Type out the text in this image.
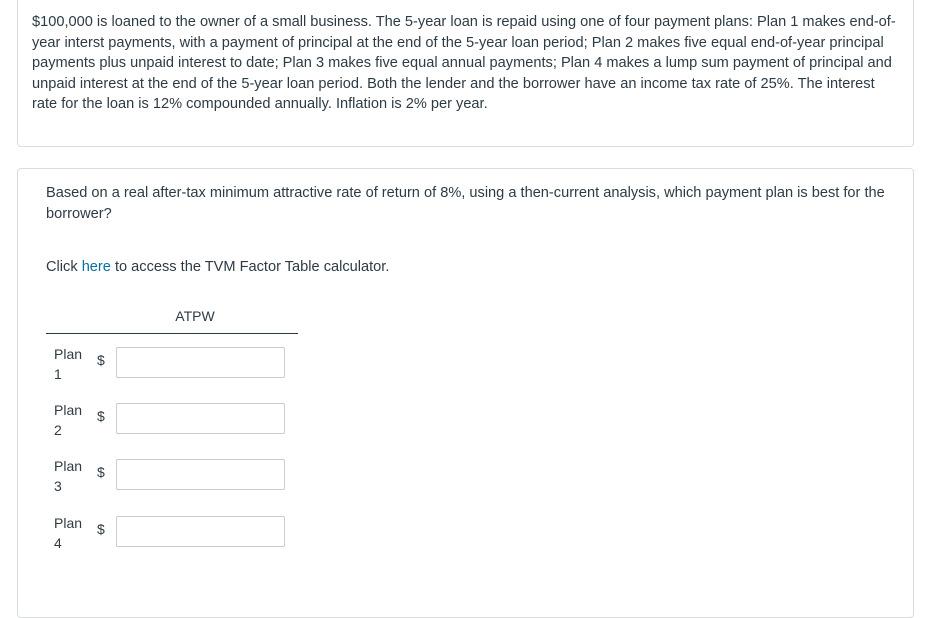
$100,000 is loaned to the owner of a small business. The 5-year loan is repaid using one of four payment plans: Plan 1 makes end-of-year interst payments, with a payment of principal at the end of the 5-year loan period; Plan 2 makes five equal end-of-year principal payments plus unpaid interest to date; Plan 3 makes five equal annual payments; Plan 4 makes a lump sum payment of principal and unpaid interest at the end of the 5-year loan period. Both the lender and the borrower have an income tax rate of 25%. The interest rate for the loan is 12% compounded annually. Inflation is 2% per year.

Based on a real after-tax minimum attractive rate of return of 8%, using a then-current analysis, which payment plan is best for the borrower?

Click here to access the TVM Factor Table calculator.

ATPW
Plan 1
$
Plan 2
$
Plan 3
$
Plan 4
$
